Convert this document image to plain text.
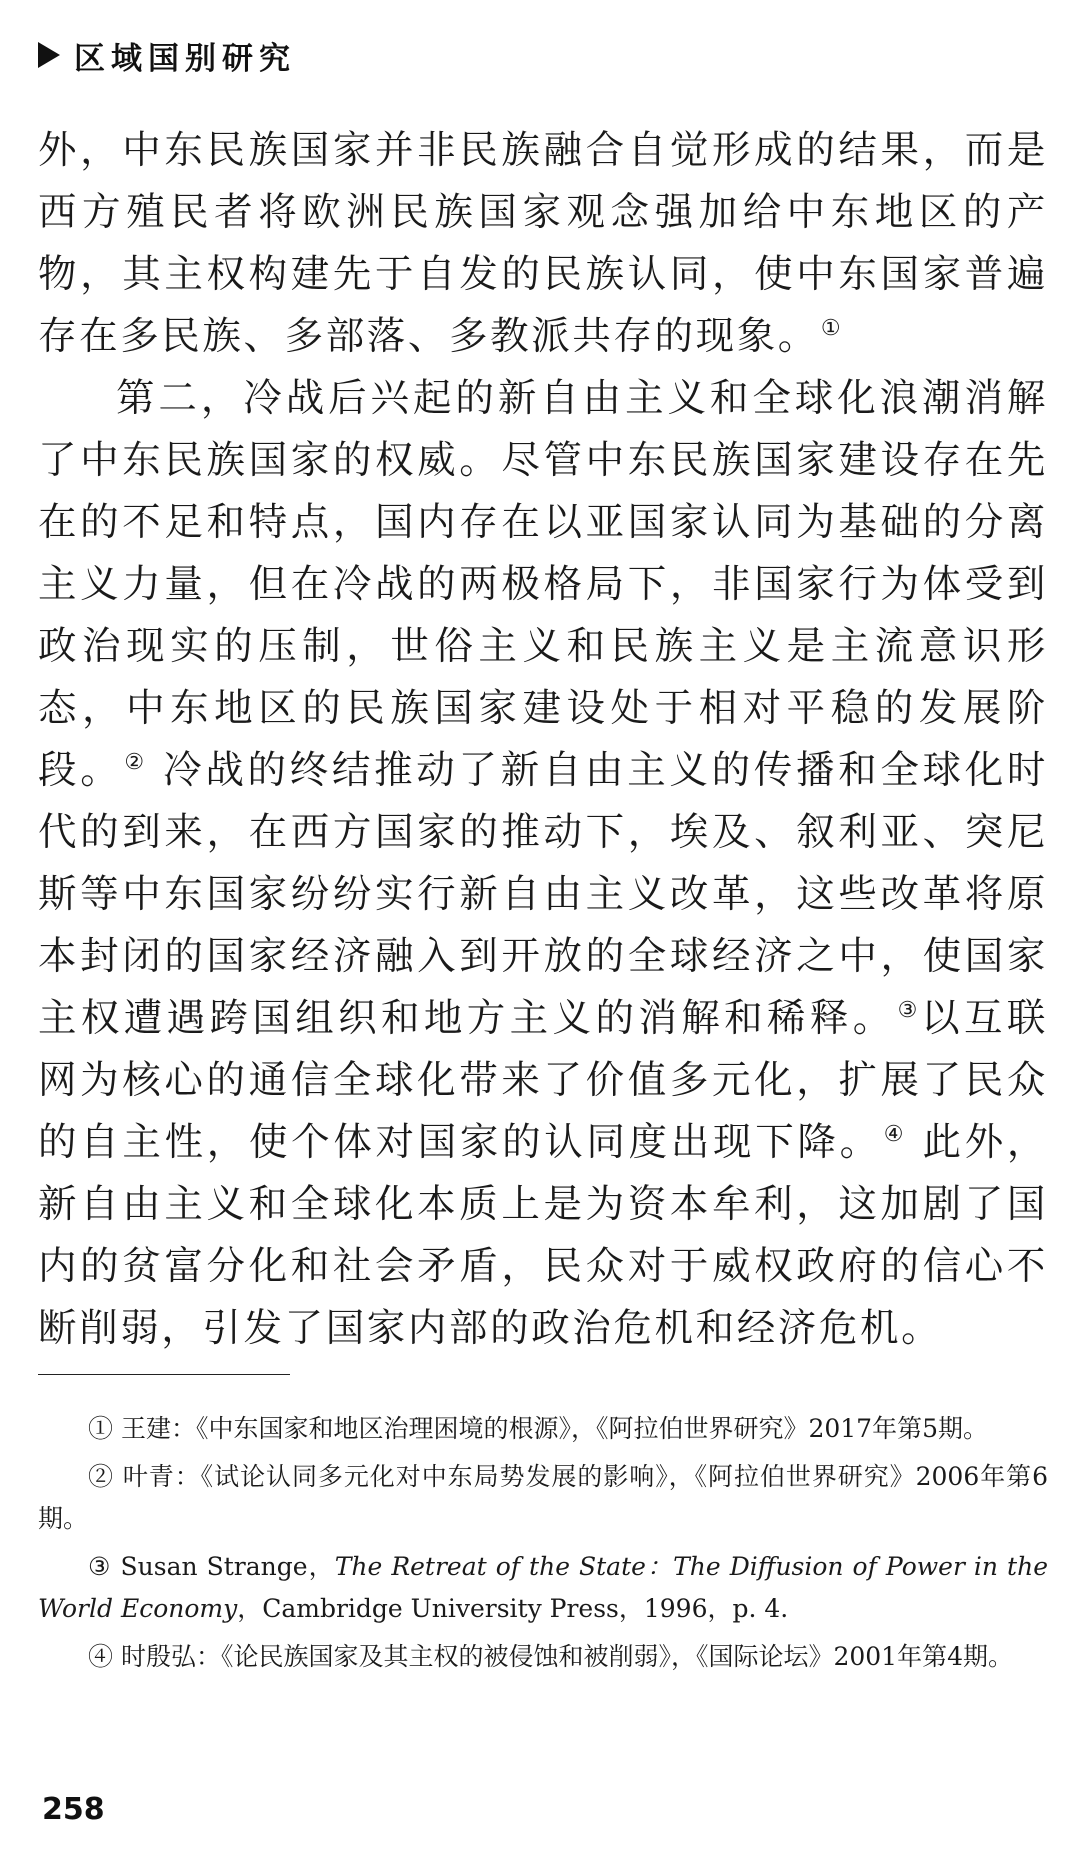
区域国别研究

外，中东民族国家并非民族融合自觉形成的结果，而是西方殖民者将欧洲民族国家观念强加给中东地区的产物，其主权构建先于自发的民族认同，使中东国家普遍存在多民族、多部落、多教派共存的现象。①

第二，冷战后兴起的新自由主义和全球化浪潮消解了中东民族国家的权威。尽管中东民族国家建设存在先在的不足和特点，国内存在以亚国家认同为基础的分离主义力量，但在冷战的两极格局下，非国家行为体受到政治现实的压制，世俗主义和民族主义是主流意识形态，中东地区的民族国家建设处于相对平稳的发展阶段。② 冷战的终结推动了新自由主义的传播和全球化时代的到来，在西方国家的推动下，埃及、叙利亚、突尼斯等中东国家纷纷实行新自由主义改革，这些改革将原本封闭的国家经济融入到开放的全球经济之中，使国家主权遭遇跨国组织和地方主义的消解和稀释。③以互联网为核心的通信全球化带来了价值多元化，扩展了民众的自主性，使个体对国家的认同度出现下降。④ 此外，新自由主义和全球化本质上是为资本牟利，这加剧了国内的贫富分化和社会矛盾，民众对于威权政府的信心不断削弱，引发了国家内部的政治危机和经济危机。

① 王建：《中东国家和地区治理困境的根源》，《阿拉伯世界研究》2017年第5期。

② 叶青：《试论认同多元化对中东局势发展的影响》，《阿拉伯世界研究》2006年第6期。

③ Susan Strange，The Retreat of the State：The Diffusion of Power in the World Economy，Cambridge University Press，1996，p. 4.

④ 时殷弘：《论民族国家及其主权的被侵蚀和被削弱》，《国际论坛》2001年第4期。

258
